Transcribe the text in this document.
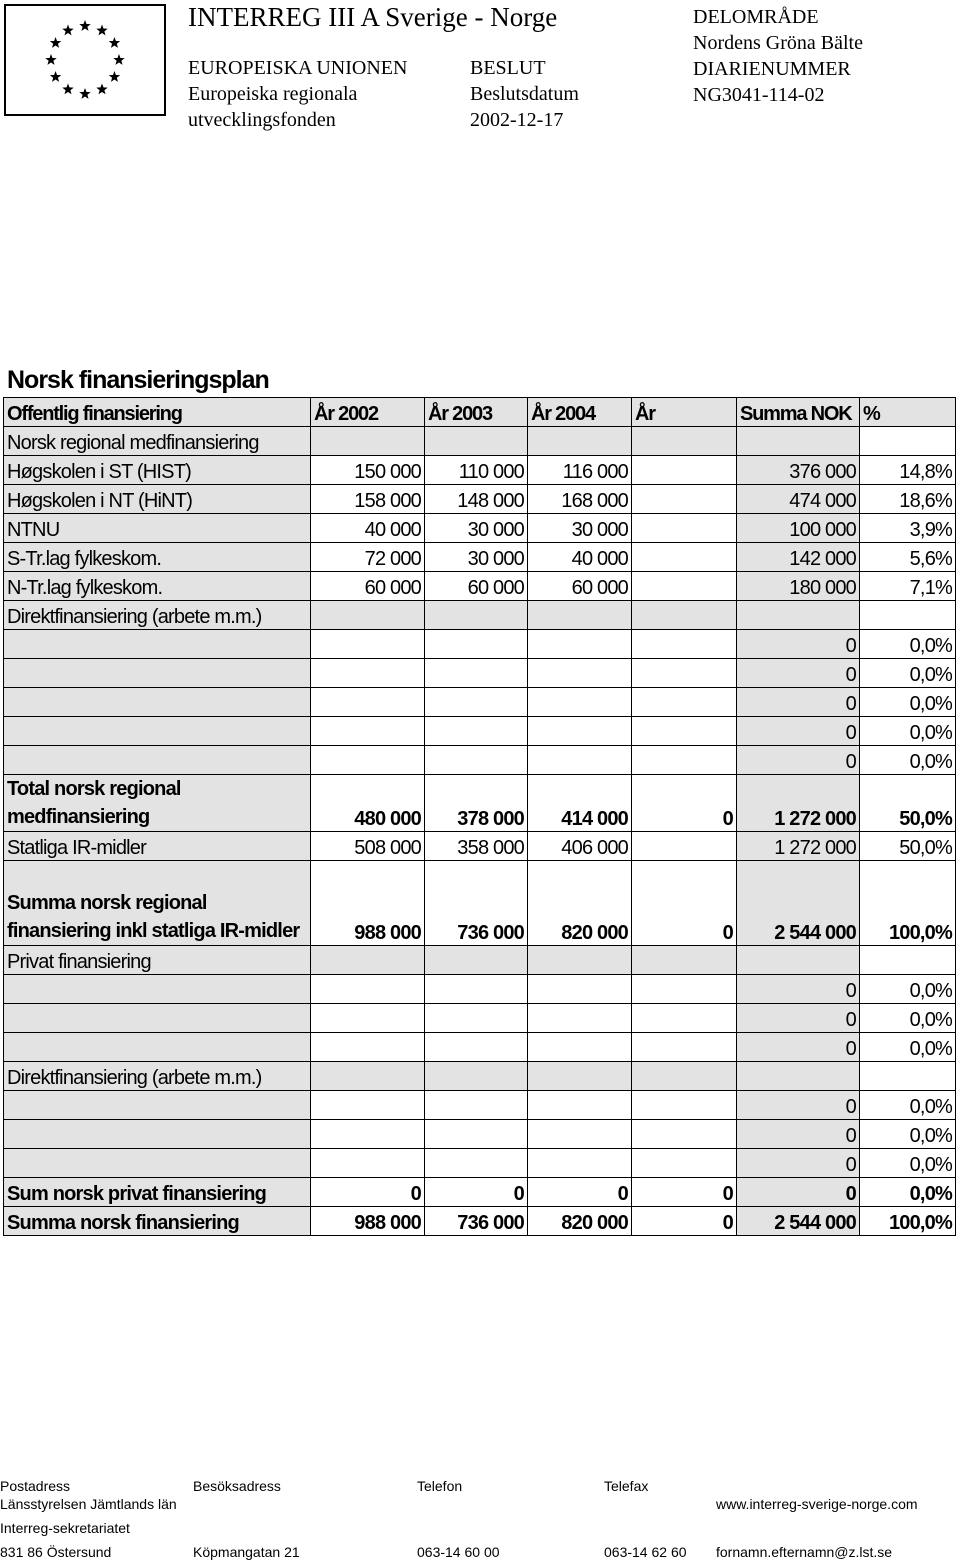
INTERREG III A Sverige - Norge
EUROPEISKA UNIONEN
Europeiska regionala
utvecklingsfonden
BESLUT
Beslutsdatum
2002-12-17
DELOMRÅDE
Nordens Gröna Bälte
DIARIENUMMER
NG3041-114-02
Norsk finansieringsplan
Offentlig finansiering	År 2002	År 2003	År 2004	År	Summa NOK	%
Norsk regional medfinansiering						
Høgskolen i ST (HIST)	150 000	110 000	116 000		376 000	14,8%
Høgskolen i NT (HiNT)	158 000	148 000	168 000		474 000	18,6%
NTNU	40 000	30 000	30 000		100 000	3,9%
S-Tr.lag fylkeskom.	72 000	30 000	40 000		142 000	5,6%
N-Tr.lag fylkeskom.	60 000	60 000	60 000		180 000	7,1%
Direktfinansiering (arbete m.m.)						
					0	0,0%
					0	0,0%
					0	0,0%
					0	0,0%
					0	0,0%
Total norsk regional medfinansiering	480 000	378 000	414 000	0	1 272 000	50,0%
Statliga IR-midler	508 000	358 000	406 000		1 272 000	50,0%
Summa norsk regional finansiering inkl statliga IR-midler	988 000	736 000	820 000	0	2 544 000	100,0%
Privat finansiering						
					0	0,0%
					0	0,0%
					0	0,0%
Direktfinansiering (arbete m.m.)						
					0	0,0%
					0	0,0%
					0	0,0%
Sum norsk privat finansiering	0	0	0	0	0	0,0%
Summa norsk finansiering	988 000	736 000	820 000	0	2 544 000	100,0%
Postadress	Besöksadress	Telefon	Telefax
Länsstyrelsen Jämtlands län	www.interreg-sverige-norge.com
Interreg-sekretariatet
831 86 Östersund	Köpmangatan 21	063-14 60 00	063-14 62 60 fornamn.efternamn@z.lst.se
